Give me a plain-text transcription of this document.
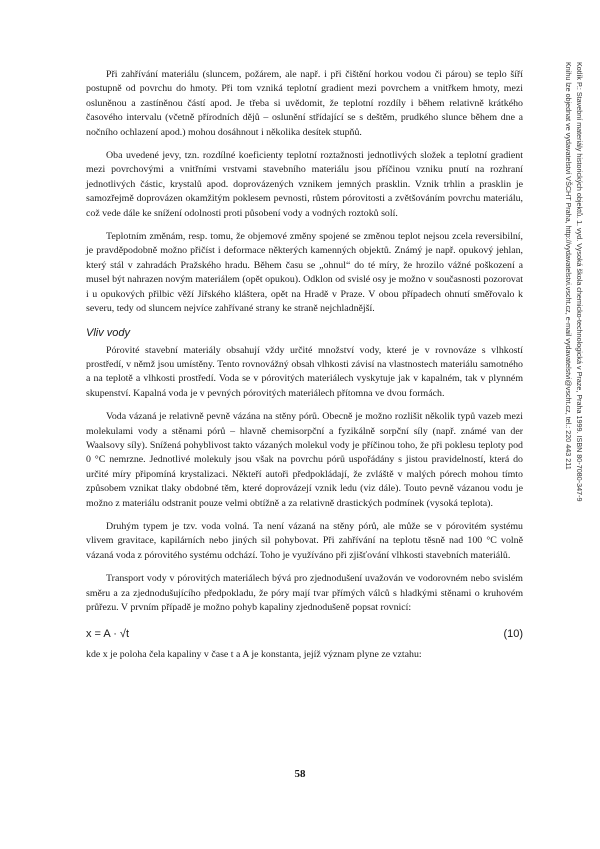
Při zahřívání materiálu (sluncem, požárem, ale např. i při čištění horkou vodou či párou) se teplo šíří postupně od povrchu do hmoty. Při tom vzniká teplotní gradient mezi povrchem a vnitřkem hmoty, mezi osluněnou a zastíněnou částí apod. Je třeba si uvědomit, že teplotní rozdíly i během relativně krátkého časového intervalu (včetně přírodních dějů – oslunění střídající se s deštěm, prudkého slunce během dne a nočního ochlazení apod.) mohou dosáhnout i několika desítek stupňů.

Oba uvedené jevy, tzn. rozdílné koeficienty teplotní roztažnosti jednotlivých složek a teplotní gradient mezi povrchovými a vnitřními vrstvami stavebního materiálu jsou příčinou vzniku pnutí na rozhraní jednotlivých částic, krystalů apod. doprovázených vznikem jemných prasklin. Vznik trhlin a prasklin je samozřejmě doprovázen okamžitým poklesem pevnosti, růstem pórovitosti a zvětšováním povrchu materiálu, což vede dále ke snížení odolnosti proti působení vody a vodných roztoků solí.

Teplotním změnám, resp. tomu, že objemové změny spojené se změnou teplot nejsou zcela reversibilní, je pravděpodobně možno přičíst i deformace některých kamenných objektů. Známý je např. opukový jehlan, který stál v zahradách Pražského hradu. Během času se „ohnul“ do té míry, že hrozilo vážné poškození a musel být nahrazen novým materiálem (opět opukou). Odklon od svislé osy je možno v současnosti pozorovat i u opukových přilbic věží Jiřského kláštera, opět na Hradě v Praze. V obou případech ohnutí směřovalo k severu, tedy od sluncem nejvíce zahřívané strany ke straně nejchladnější.

Vliv vody

Pórovité stavební materiály obsahují vždy určité množství vody, které je v rovnováze s vlhkostí prostředí, v němž jsou umístěny. Tento rovnovážný obsah vlhkosti závisí na vlastnostech materiálu samotného a na teplotě a vlhkosti prostředí. Voda se v pórovitých materiálech vyskytuje jak v kapalném, tak v plynném skupenství. Kapalná voda je v pevných pórovitých materiálech přítomna ve dvou formách.

Voda vázaná je relativně pevně vázána na stěny pórů. Obecně je možno rozlišit několik typů vazeb mezi molekulami vody a stěnami pórů – hlavně chemisorpční a fyzikálně sorpční síly (např. známé van der Waalsovy síly). Snížená pohyblivost takto vázaných molekul vody je příčinou toho, že při poklesu teploty pod 0 °C nemrzne. Jednotlivé molekuly jsou však na povrchu pórů uspořádány s jistou pravidelností, která do určité míry připomíná krystalizaci. Někteří autoři předpokládají, že zvláště v malých pórech mohou tímto způsobem vznikat tlaky obdobné těm, které doprovázejí vznik ledu (viz dále). Touto pevně vázanou vodu je možno z materiálu odstranit pouze velmi obtížně a za relativně drastických podmínek (vysoká teplota).

Druhým typem je tzv. voda volná. Ta není vázaná na stěny pórů, ale může se v pórovitém systému vlivem gravitace, kapilárních nebo jiných sil pohybovat. Při zahřívání na teplotu těsně nad 100 °C volně vázaná voda z pórovitého systému odchází. Toho je využíváno při zjišťování vlhkosti stavebních materiálů.

Transport vody v pórovitých materiálech bývá pro zjednodušení uvažován ve vodorovném nebo svislém směru a za zjednodušujícího předpokladu, že póry mají tvar přímých válců s hladkými stěnami o kruhovém průřezu. V prvním případě je možno pohyb kapaliny zjednodušeně popsat rovnicí:

x = A · √t	(10)

kde x je poloha čela kapaliny v čase t a A je konstanta, jejíž význam plyne ze vztahu:

58
Kotlík P.: Stavební materiály historických objektů. 1. vyd. Vysoká škola chemicko-technologická v Praze, Praha 1999. ISBN 80-7080-347-9
Knihu lze objednat ve vydavatelství VŠCHT Praha, http://vydavatelstvi.vscht.cz, e-mail vydavatelstvi@vscht.cz, tel.: 220 443 211
